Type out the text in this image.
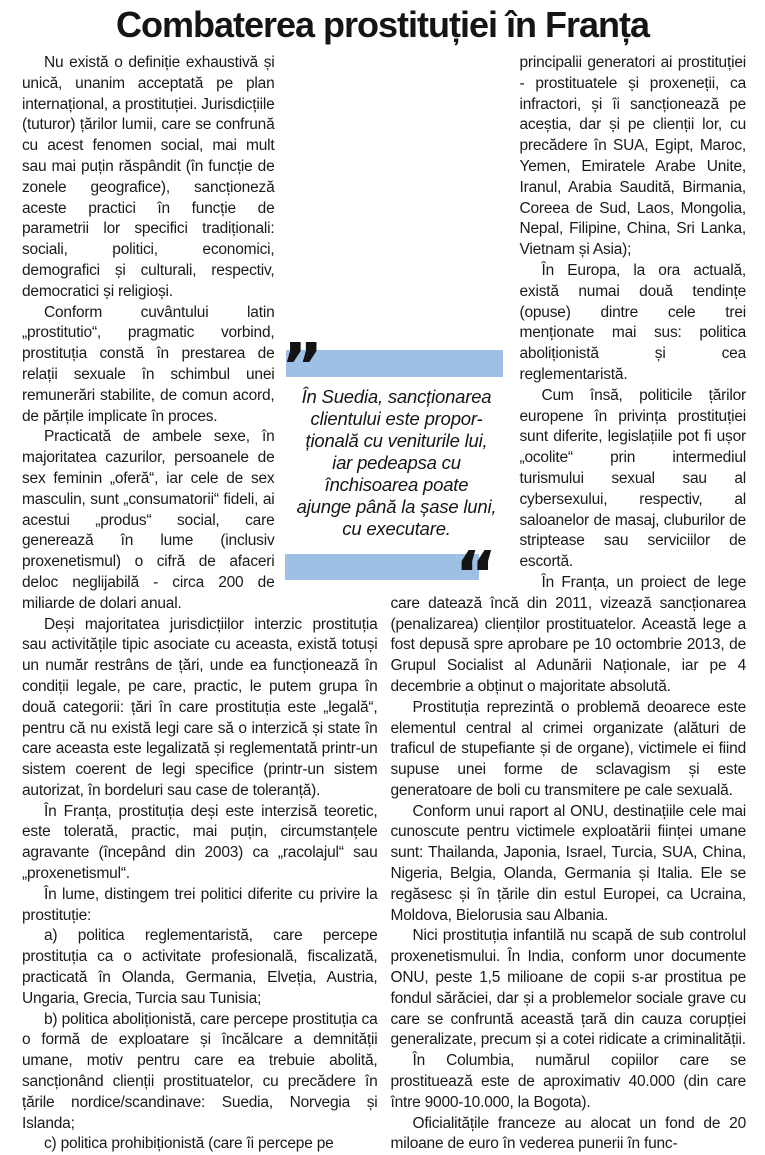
Combaterea prostituției în Franța

Nu există o definiție exhaustivă și unică, unanim acceptată pe plan internațional, a prostituției. Jurisdicțiile (tuturor) țărilor lumii, care se confrună cu acest fenomen social, mai mult sau mai puțin răspândit (în funcție de zonele geografice), sancționeză aceste practici în funcție de parametrii lor specifici tradiționali: sociali, politici, economici, demografici și culturali, respectiv, democratici și religioși.

Conform cuvântului latin „prostitutio“, pragmatic vorbind, prostituția constă în prestarea de relații sexuale în schimbul unei remunerări stabilite, de comun acord, de părțile implicate în proces.

Practicată de ambele sexe, în majoritatea cazurilor, persoanele de sex feminin „oferă“, iar cele de sex masculin, sunt „consumatorii“ fideli, ai acestui „produs“ social, care generează în lume (inclusiv proxenetismul) o cifră de afaceri deloc neglijabilă - circa 200 de miliarde de dolari anual.

Deși majoritatea jurisdicțiilor interzic prostituția sau activitățile tipic asociate cu aceasta, există totuși un număr restrâns de țări, unde ea funcționează în condiții legale, pe care, practic, le putem grupa în două categorii: țări în care prostituția este „legală“, pentru că nu există legi care să o interzică și state în care aceasta este legalizată și reglementată printr-un sistem coerent de legi specifice (printr-un sistem autorizat, în bordeluri sau case de toleranță).

În Franța, prostituția deși este interzisă teoretic, este tolerată, practic, mai puțin, circumstanțele agravante (începând din 2003) ca „racolajul“ sau „proxenetismul“.

În lume, distingem trei politici diferite cu privire la prostituție:

a) politica reglementaristă, care percepe prostituția ca o activitate profesională, fiscalizată, practicată în Olanda, Germania, Elveția, Austria, Ungaria, Grecia, Turcia sau Tunisia;

b) politica aboliționistă, care percepe prostituția ca o formă de exploatare și încălcare a demnității umane, motiv pentru care ea trebuie abolită, sancționând clienții prostituatelor, cu precădere în țările nordice/scandinave: Suedia, Norvegia și Islanda;

c) politica prohibiționistă (care îi percepe pe

principalii generatori ai prostituției - prostituatele și proxeneții, ca infractori, și îi sancționează pe aceștia, dar și pe clienții lor, cu precădere în SUA, Egipt, Maroc, Yemen, Emiratele Arabe Unite, Iranul, Arabia Saudită, Birmania, Coreea de Sud, Laos, Mongolia, Nepal, Filipine, China, Sri Lanka, Vietnam și Asia);

În Europa, la ora actuală, există numai două tendințe (opuse) dintre cele trei menționate mai sus: politica aboliționistă și cea reglementaristă.

Cum însă, politicile țărilor europene în privința prostituției sunt diferite, legislațiile pot fi ușor „ocolite“ prin intermediul turismului sexual sau al cybersexului, respectiv, al saloanelor de masaj, cluburilor de striptease sau serviciilor de escortă.

În Franța, un proiect de lege care datează încă din 2011, vizează sancționarea (penalizarea) clienților prostituatelor. Această lege a fost depusă spre aprobare pe 10 octombrie 2013, de Grupul Socialist al Adunării Naționale, iar pe 4 decembrie a obținut o majoritate absolută.

Prostituția reprezintă o problemă deoarece este elementul central al crimei organizate (alături de traficul de stupefiante și de organe), victimele ei fiind supuse unei forme de sclavagism și este generatoare de boli cu transmitere pe cale sexuală.

Conform unui raport al ONU, destinațiile cele mai cunoscute pentru victimele exploatării ființei umane sunt: Thailanda, Japonia, Israel, Turcia, SUA, China, Nigeria, Belgia, Olanda, Germania și Italia. Ele se regăsesc și în țările din estul Europei, ca Ucraina, Moldova, Bielorusia sau Albania.

Nici prostituția infantilă nu scapă de sub controlul proxenetismului. În India, conform unor documente ONU, peste 1,5 milioane de copii s-ar prostitua pe fondul sărăciei, dar și a problemelor sociale grave cu care se confruntă această țară din cauza corupției generalizate, precum și a cotei ridicate a criminalității.

În Columbia, numărul copiilor care se prostituează este de aproximativ 40.000 (din care între 9000-10.000, la Bogota).

Oficialitățile franceze au alocat un fond de 20 miloane de euro în vederea punerii în func-

”
În Suedia, sancționarea
clientului este propor-
țională cu veniturile lui,
iar pedeapsa cu
închisoarea poate
ajunge până la șase luni,
cu executare.
“
